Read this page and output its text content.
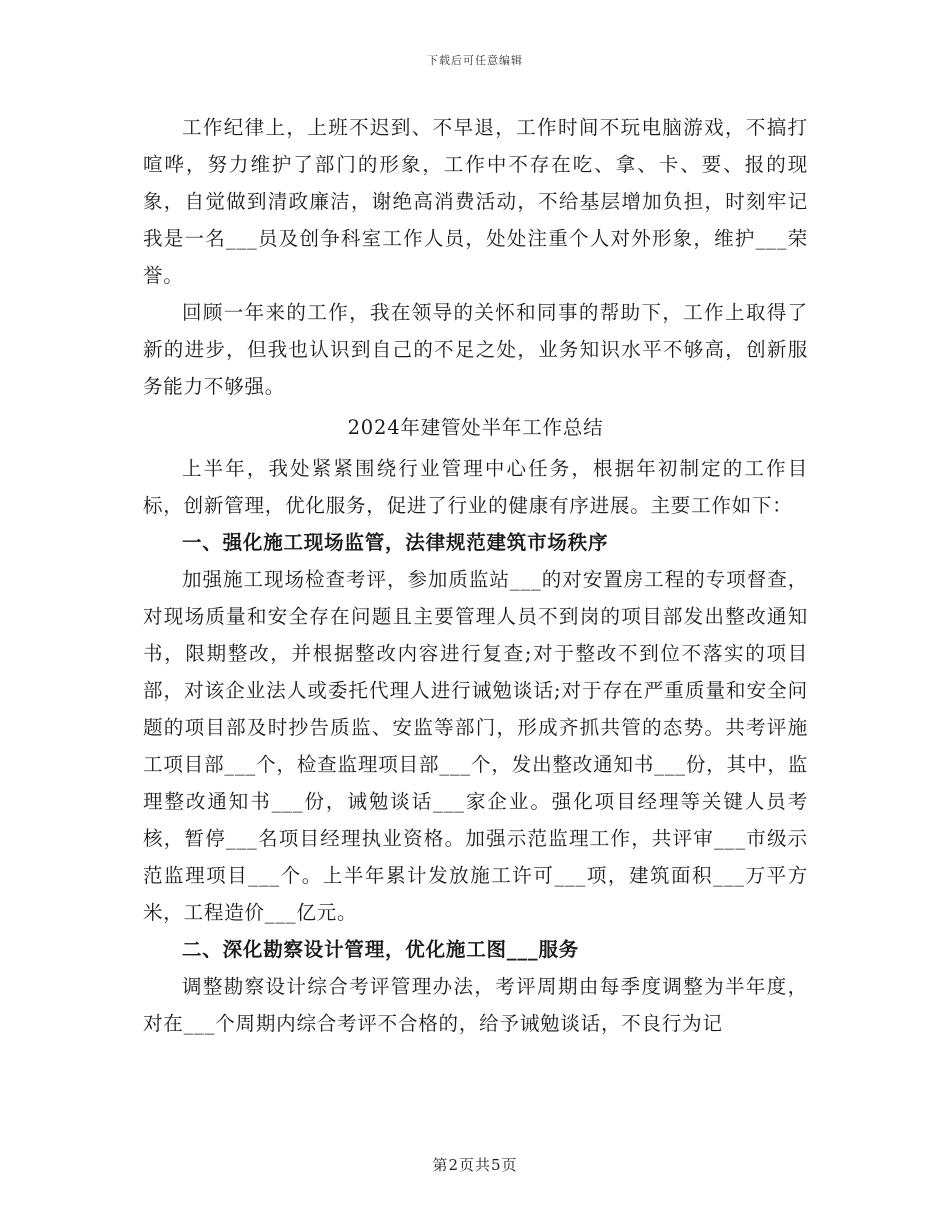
下载后可任意编辑

工作纪律上，上班不迟到、不早退，工作时间不玩电脑游戏，不搞打喧哗，努力维护了部门的形象，工作中不存在吃、拿、卡、要、报的现象，自觉做到清政廉洁，谢绝高消费活动，不给基层增加负担，时刻牢记我是一名___员及创争科室工作人员，处处注重个人对外形象，维护___荣誉。

回顾一年来的工作，我在领导的关怀和同事的帮助下，工作上取得了新的进步，但我也认识到自己的不足之处，业务知识水平不够高，创新服务能力不够强。

2024年建管处半年工作总结

上半年，我处紧紧围绕行业管理中心任务，根据年初制定的工作目标，创新管理，优化服务，促进了行业的健康有序进展。主要工作如下：

一、强化施工现场监管，法律规范建筑市场秩序

加强施工现场检查考评，参加质监站___的对安置房工程的专项督查，对现场质量和安全存在问题且主要管理人员不到岗的项目部发出整改通知书，限期整改，并根据整改内容进行复查;对于整改不到位不落实的项目部，对该企业法人或委托代理人进行诫勉谈话;对于存在严重质量和安全问题的项目部及时抄告质监、安监等部门，形成齐抓共管的态势。共考评施工项目部___个，检查监理项目部___个，发出整改通知书___份，其中，监理整改通知书___份，诫勉谈话___家企业。强化项目经理等关键人员考核，暂停___名项目经理执业资格。加强示范监理工作，共评审___市级示范监理项目___个。上半年累计发放施工许可___项，建筑面积___万平方米，工程造价___亿元。

二、深化勘察设计管理，优化施工图___服务

调整勘察设计综合考评管理办法，考评周期由每季度调整为半年度，对在___个周期内综合考评不合格的，给予诫勉谈话，不良行为记

第2页共5页
